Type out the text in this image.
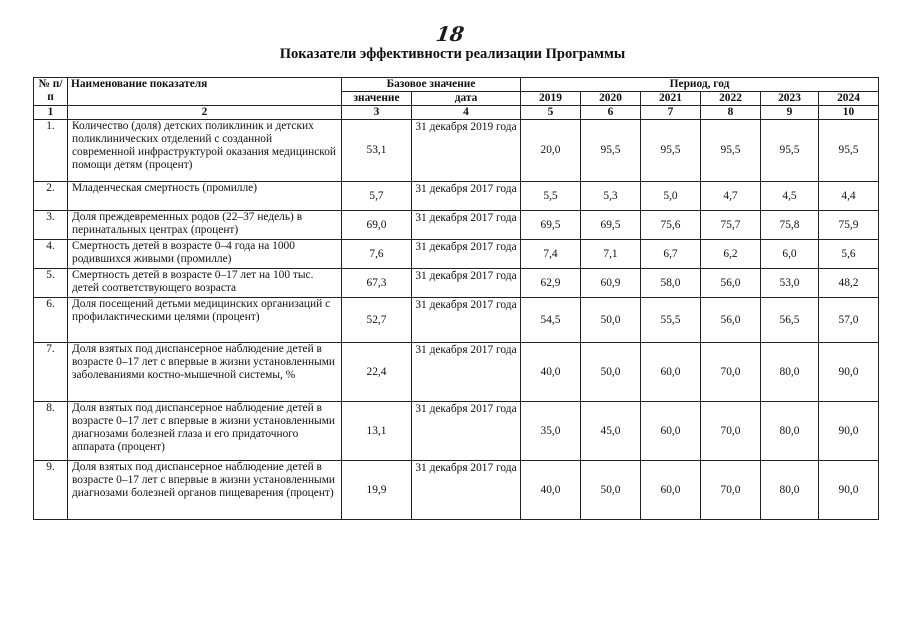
18
Показатели эффективности реализации Программы
№ п/п	Наименование показателя	Базовое значение		Период, год					
		значение	дата	2019	2020	2021	2022	2023	2024
1	2	3	4	5	6	7	8	9	10
1.	Количество (доля) детских поликлиник и детских поликлинических отделений с созданной современной инфраструктурой оказания медицинской помощи детям (процент)	53,1	31 декабря 2019 года	20,0	95,5	95,5	95,5	95,5	95,5
2.	Младенческая смертность (промилле)	5,7	31 декабря 2017 года	5,5	5,3	5,0	4,7	4,5	4,4
3.	Доля преждевременных родов (22–37 недель) в перинатальных центрах (процент)	69,0	31 декабря 2017 года	69,5	69,5	75,6	75,7	75,8	75,9
4.	Смертность детей в возрасте 0–4 года на 1000 родившихся живыми (промилле)	7,6	31 декабря 2017 года	7,4	7,1	6,7	6,2	6,0	5,6
5.	Смертность детей в возрасте 0–17 лет на 100 тыс. детей соответствующего возраста	67,3	31 декабря 2017 года	62,9	60,9	58,0	56,0	53,0	48,2
6.	Доля посещений детьми медицинских организаций с профилактическими целями (процент)	52,7	31 декабря 2017 года	54,5	50,0	55,5	56,0	56,5	57,0
7.	Доля взятых под диспансерное наблюдение детей в возрасте 0–17 лет с впервые в жизни установленными заболеваниями костно-мышечной системы, %	22,4	31 декабря 2017 года	40,0	50,0	60,0	70,0	80,0	90,0
8.	Доля взятых под диспансерное наблюдение детей в возрасте 0–17 лет с впервые в жизни установленными диагнозами болезней глаза и его придаточного аппарата (процент)	13,1	31 декабря 2017 года	35,0	45,0	60,0	70,0	80,0	90,0
9.	Доля взятых под диспансерное наблюдение детей в возрасте 0–17 лет с впервые в жизни установленными диагнозами болезней органов пищеварения (процент)	19,9	31 декабря 2017 года	40,0	50,0	60,0	70,0	80,0	90,0
